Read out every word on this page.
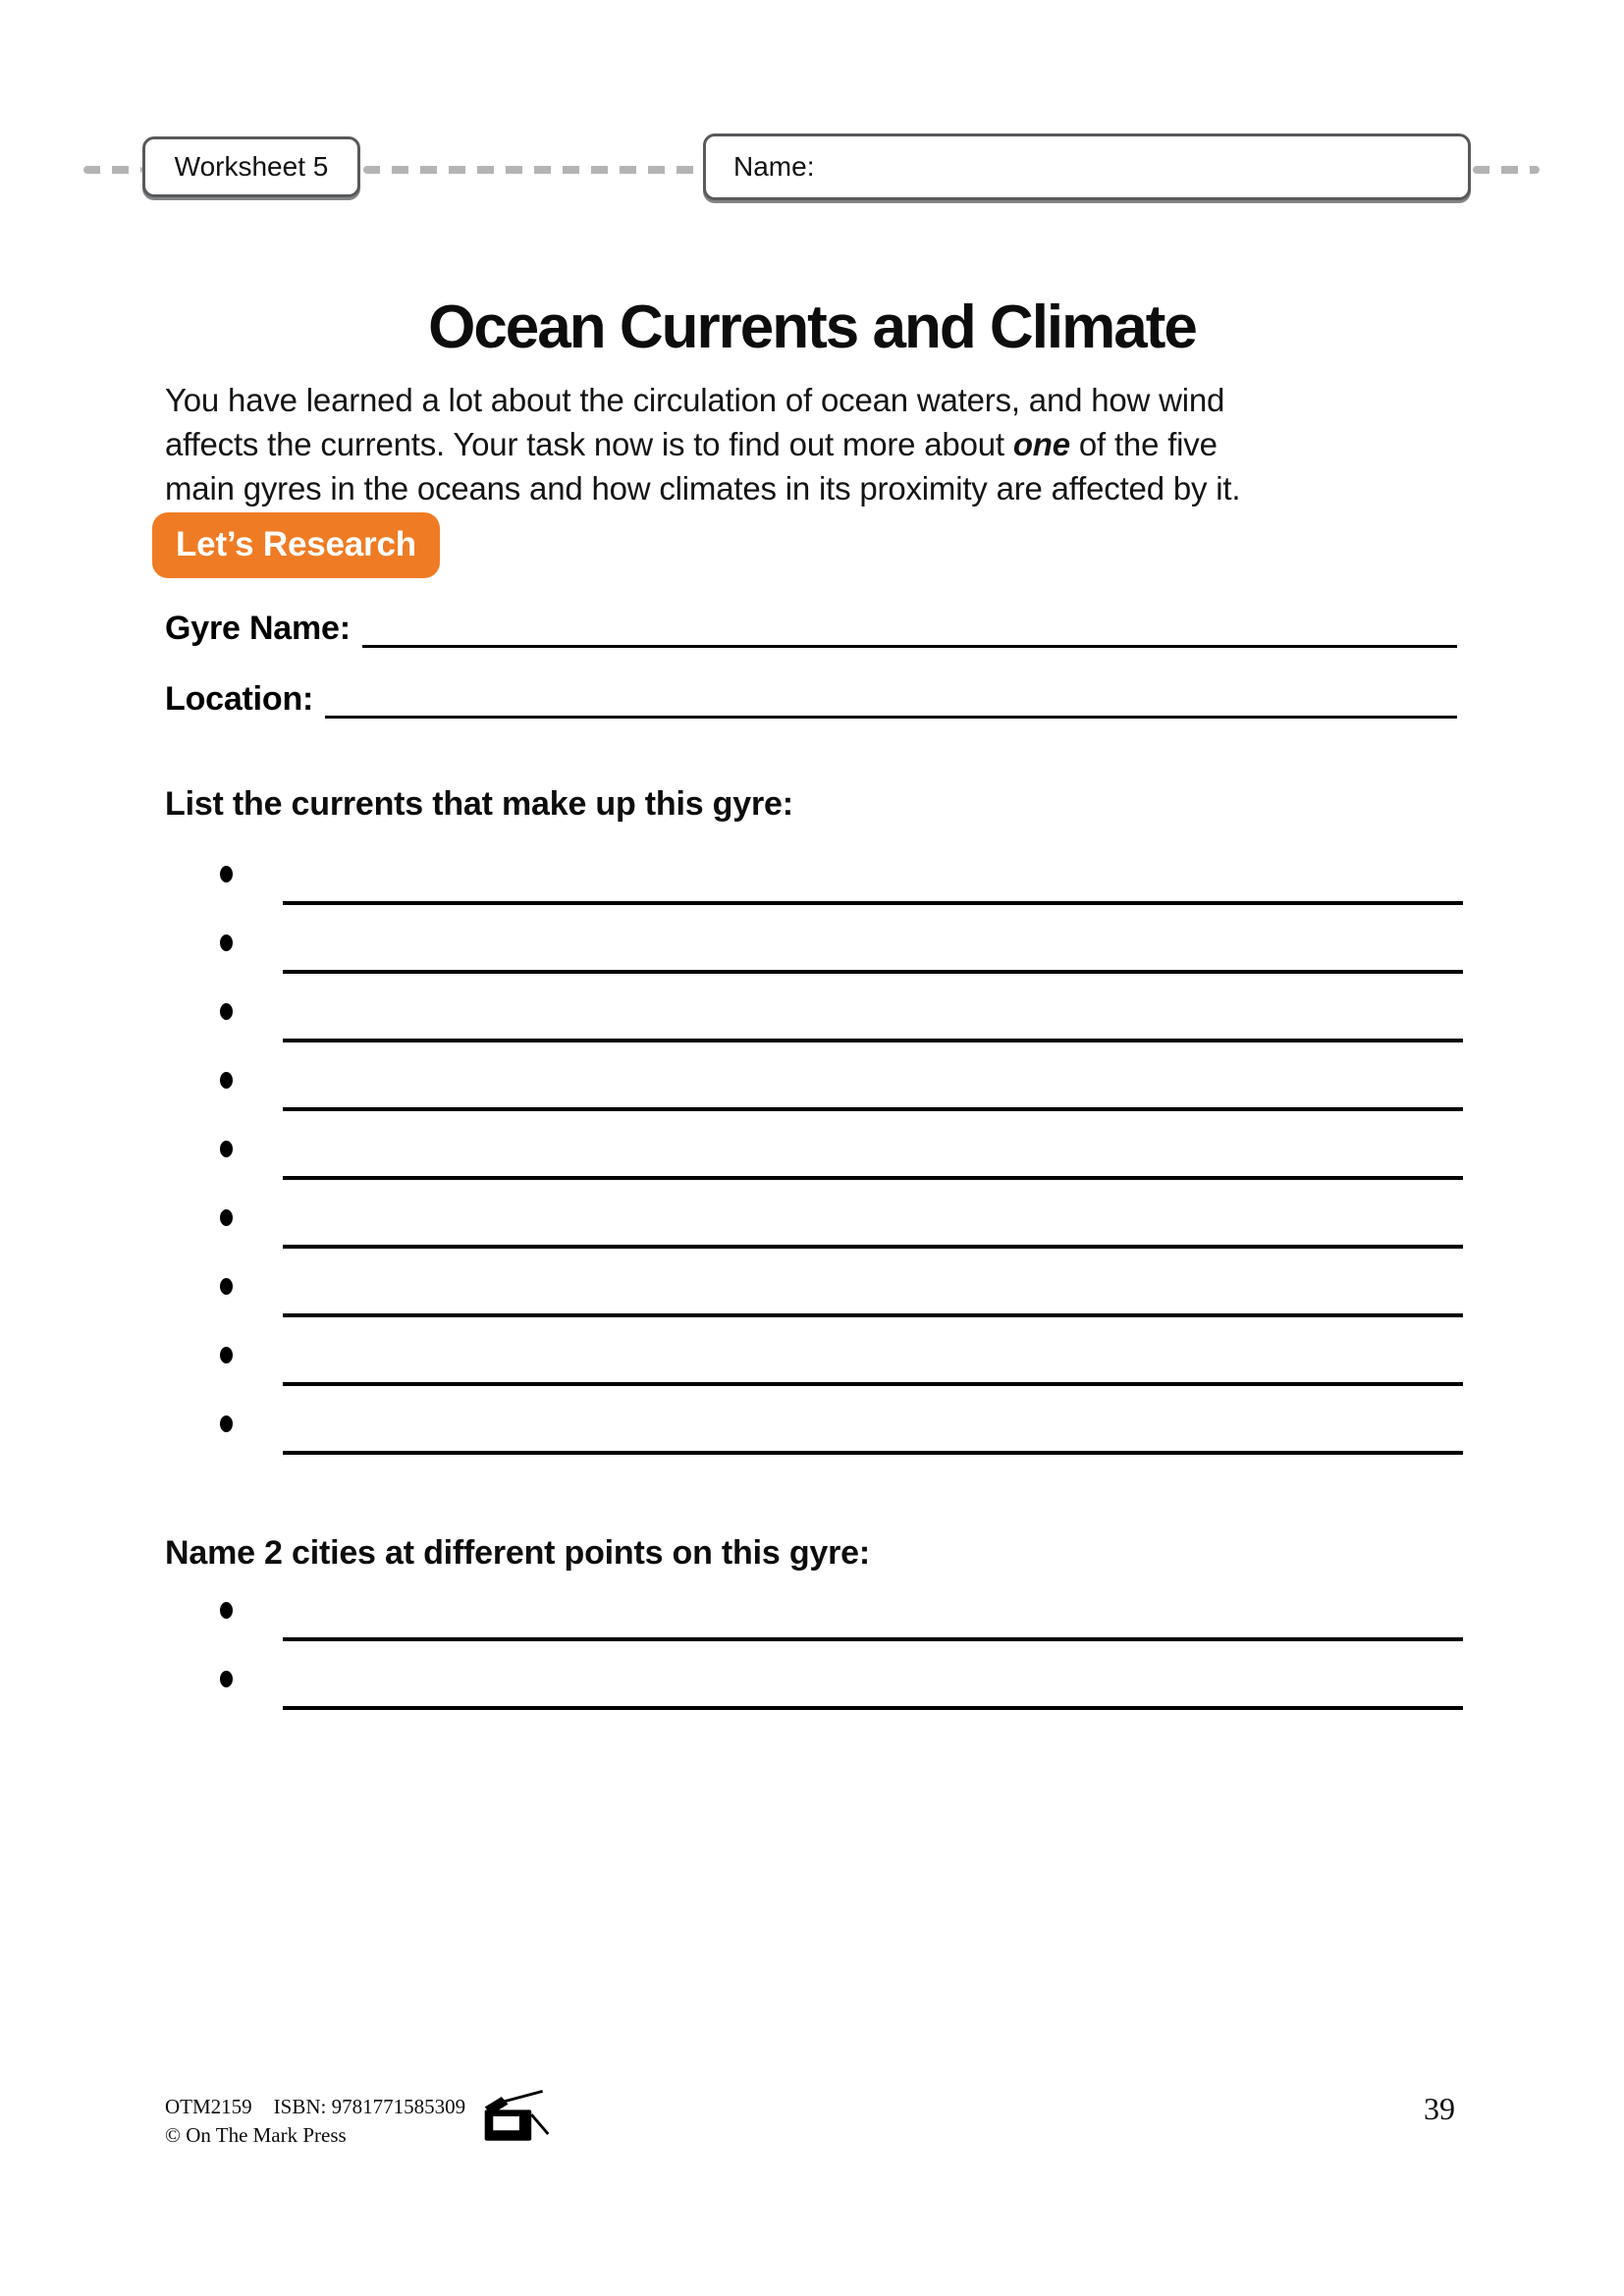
Worksheet 5	Name:
Ocean Currents and Climate

You have learned a lot about the circulation of ocean waters, and how wind
affects the currents. Your task now is to find out more about one of the five
main gyres in the oceans and how climates in its proximity are affected by it.

Let’s Research
Gyre Name:
Location:
List the currents that make up this gyre:
Name 2 cities at different points on this gyre:
OTM2159 ISBN: 9781771585309
© On The Mark Press
39
